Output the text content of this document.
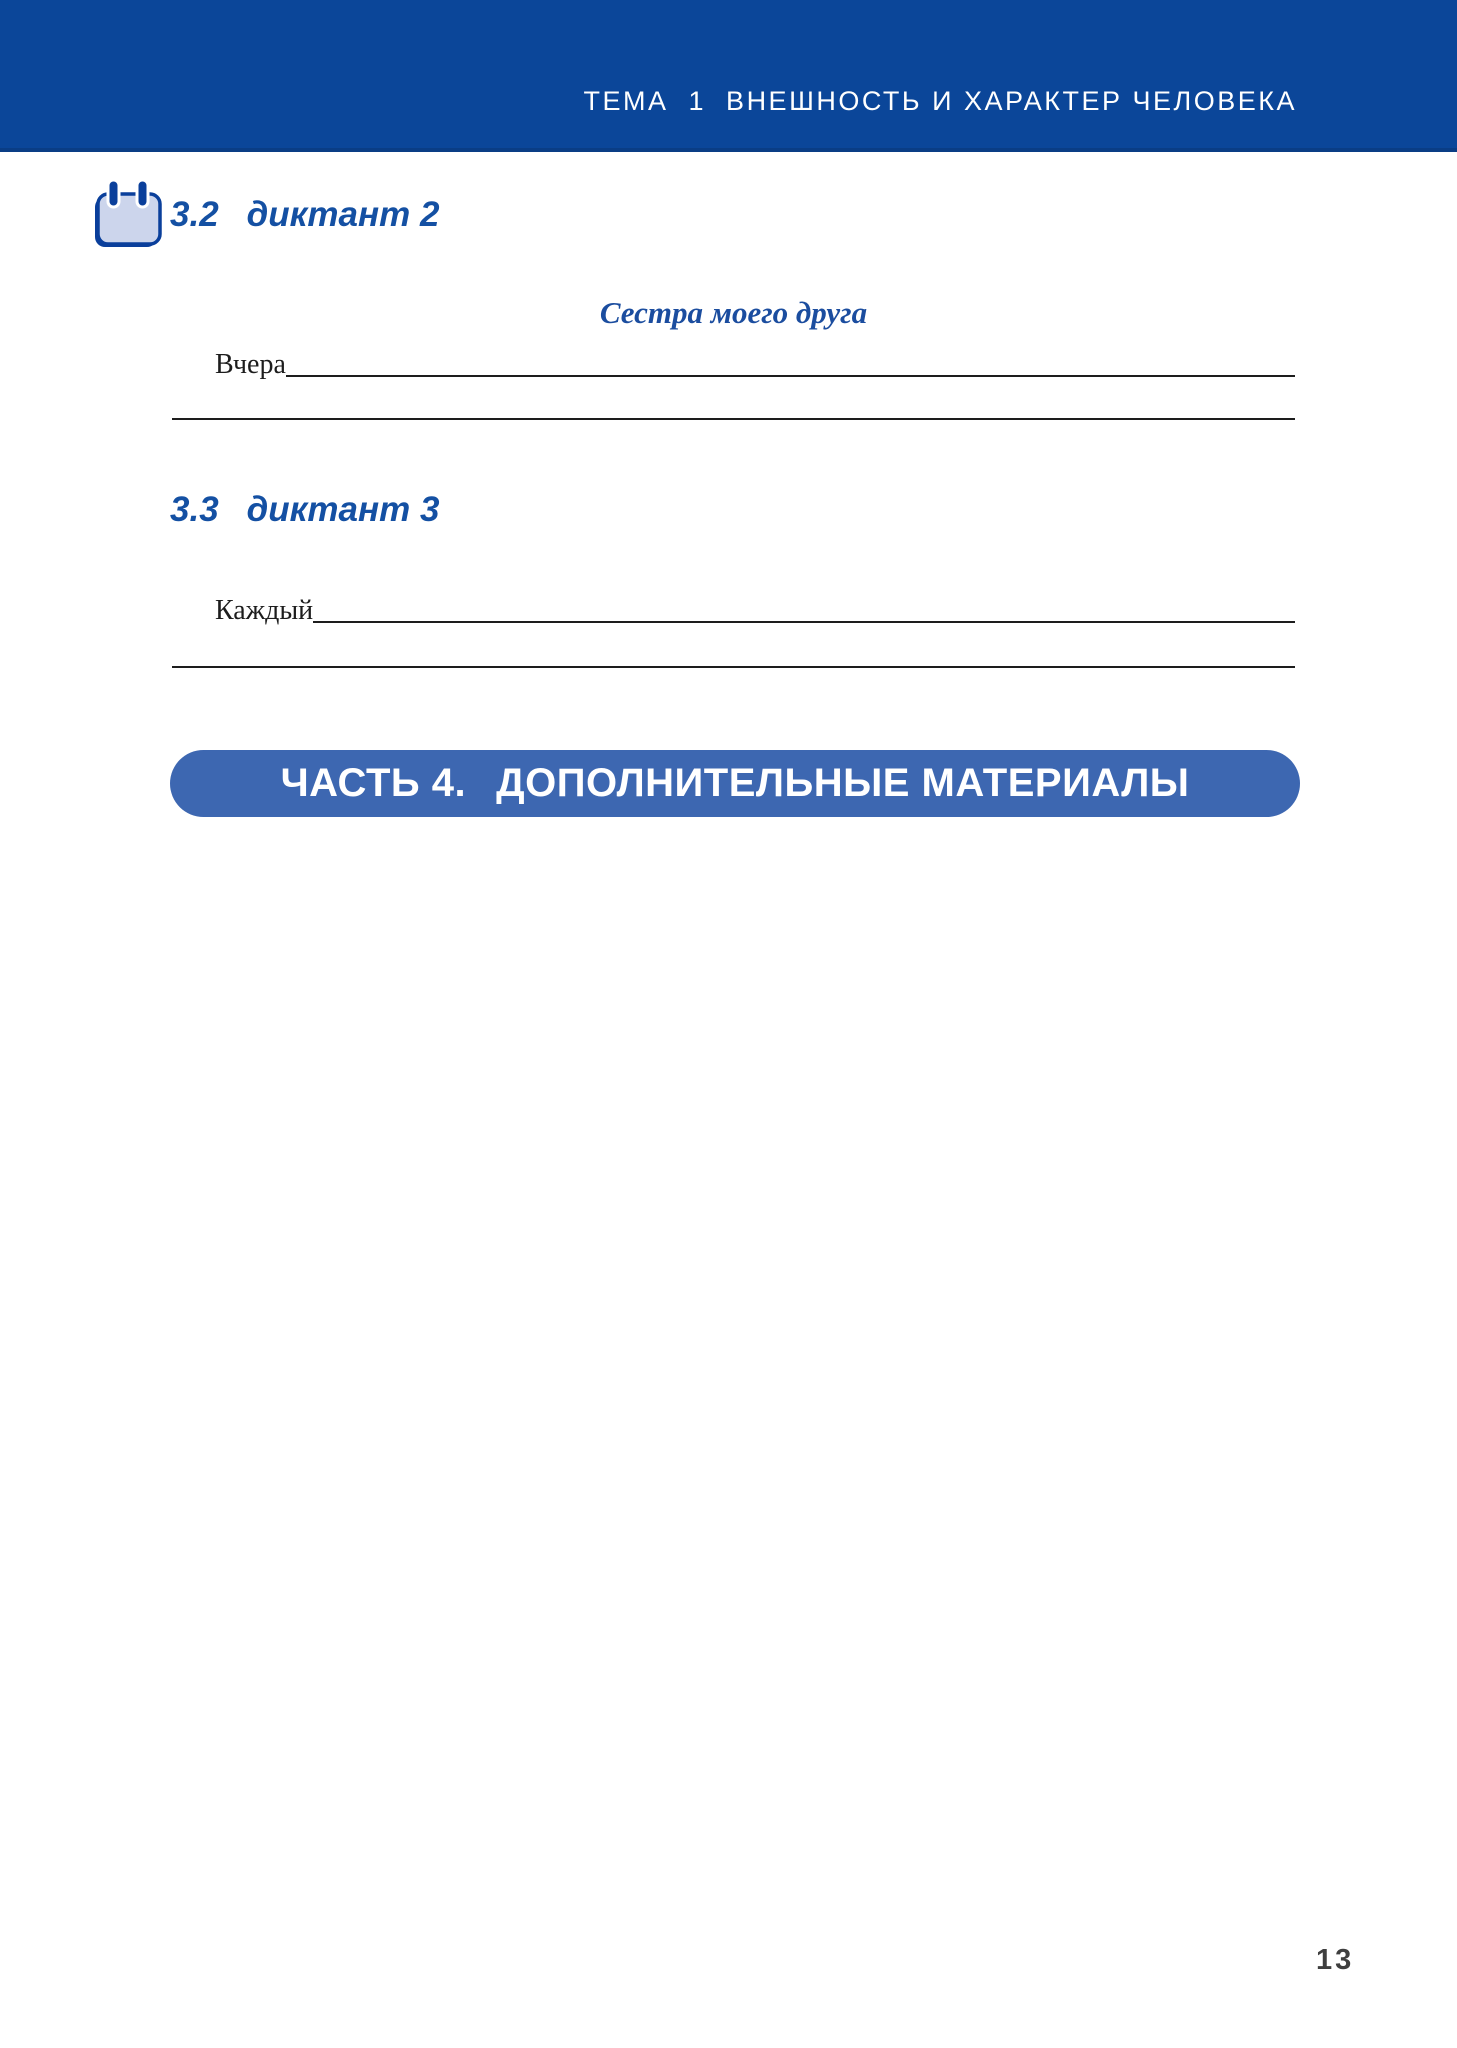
ТЕМА  1  ВНЕШНОСТЬ И ХАРАКТЕР ЧЕЛОВЕКА
3.2 диктант 2
Сестра моего друга
Вчера
3.3 диктант 3
Каждый
ЧАСТЬ 4. ДОПОЛНИТЕЛЬНЫЕ МАТЕРИАЛЫ
13
